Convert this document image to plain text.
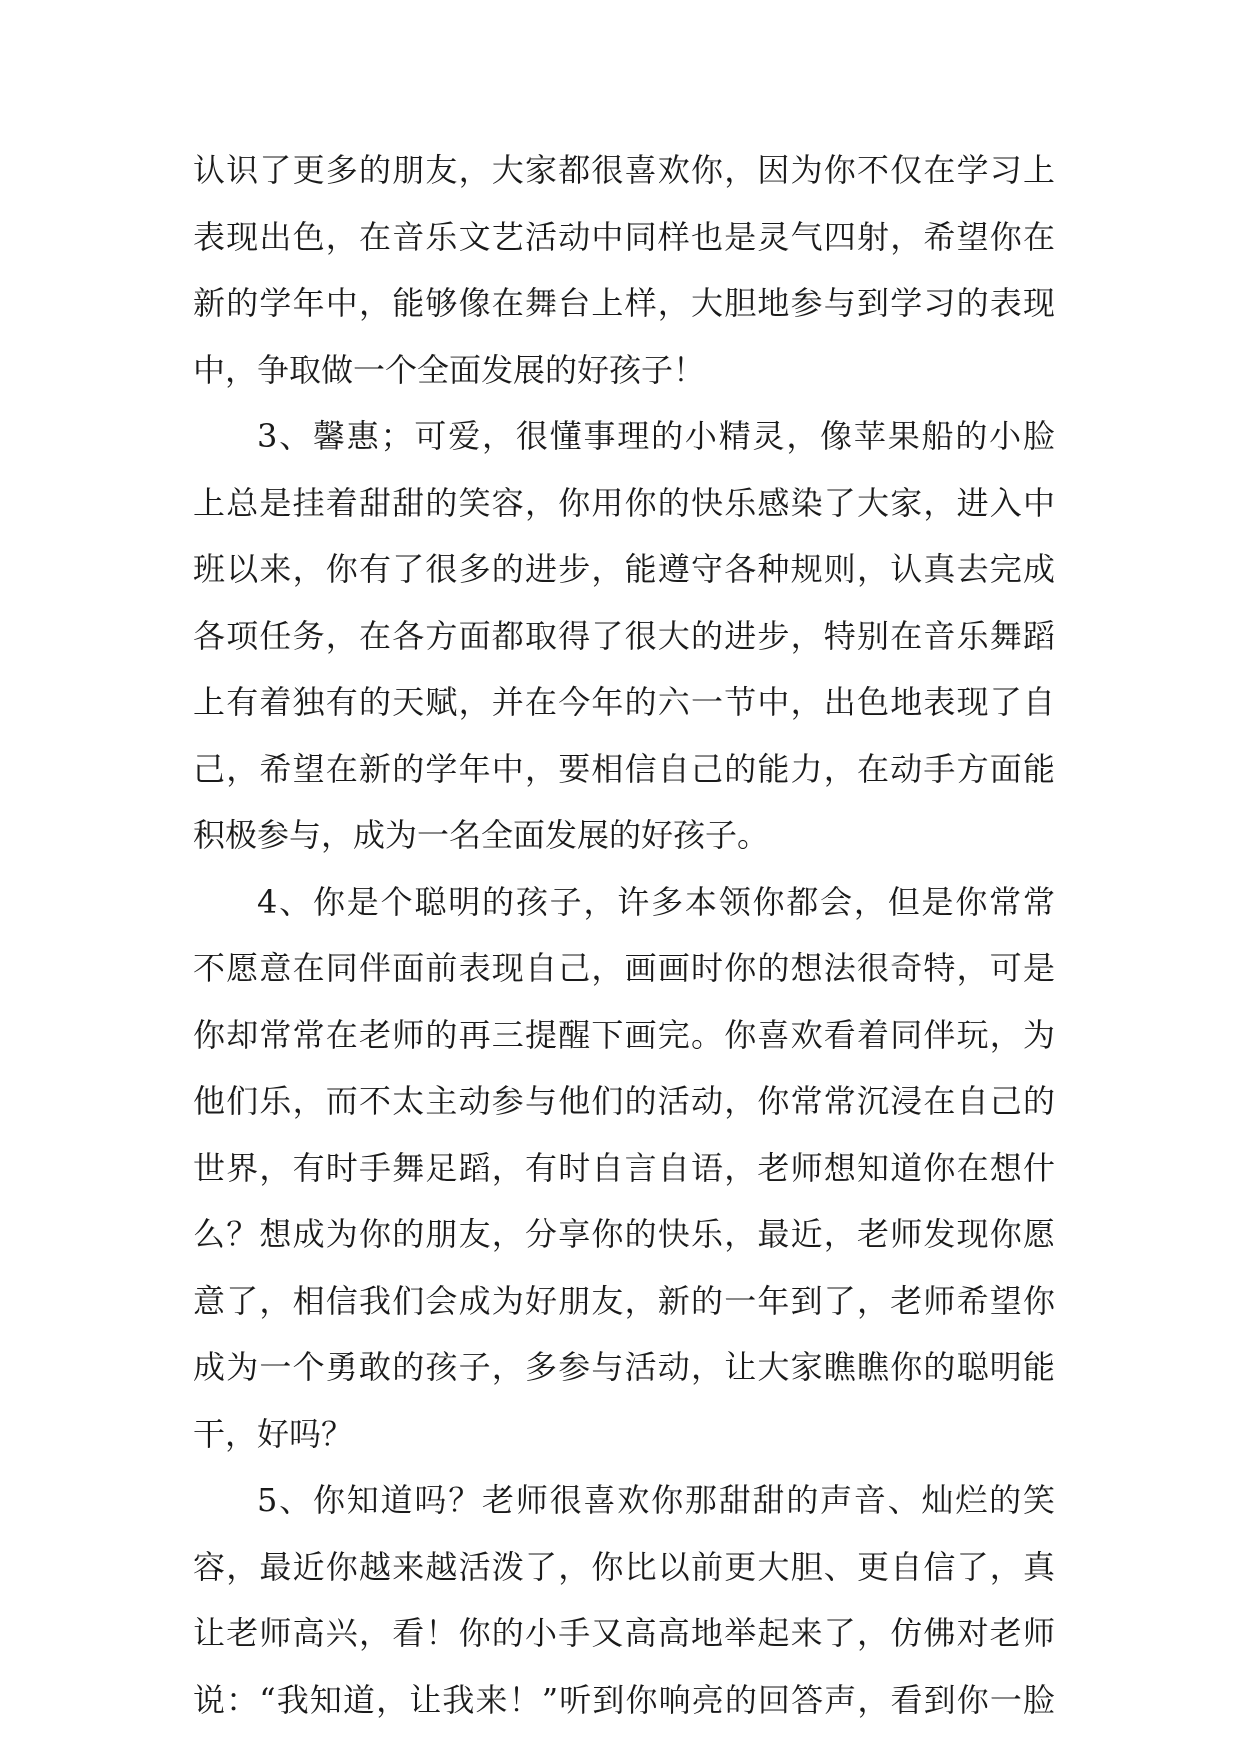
认识了更多的朋友，大家都很喜欢你，因为你不仅在学习上
表现出色，在音乐文艺活动中同样也是灵气四射，希望你在
新的学年中，能够像在舞台上样，大胆地参与到学习的表现
中，争取做一个全面发展的好孩子！
3、馨惠；可爱，很懂事理的小精灵，像苹果船的小脸
上总是挂着甜甜的笑容，你用你的快乐感染了大家，进入中
班以来，你有了很多的进步，能遵守各种规则，认真去完成
各项任务，在各方面都取得了很大的进步，特别在音乐舞蹈
上有着独有的天赋，并在今年的六一节中，出色地表现了自
己，希望在新的学年中，要相信自己的能力，在动手方面能
积极参与，成为一名全面发展的好孩子。
4、你是个聪明的孩子，许多本领你都会，但是你常常
不愿意在同伴面前表现自己，画画时你的想法很奇特，可是
你却常常在老师的再三提醒下画完。你喜欢看着同伴玩，为
他们乐，而不太主动参与他们的活动，你常常沉浸在自己的
世界，有时手舞足蹈，有时自言自语，老师想知道你在想什
么？想成为你的朋友，分享你的快乐，最近，老师发现你愿
意了，相信我们会成为好朋友，新的一年到了，老师希望你
成为一个勇敢的孩子，多参与活动，让大家瞧瞧你的聪明能
干，好吗？
5、你知道吗？老师很喜欢你那甜甜的声音、灿烂的笑
容，最近你越来越活泼了，你比以前更大胆、更自信了，真
让老师高兴，看！你的小手又高高地举起来了，仿佛对老师
说：“我知道，让我来！”听到你响亮的回答声，看到你一脸
